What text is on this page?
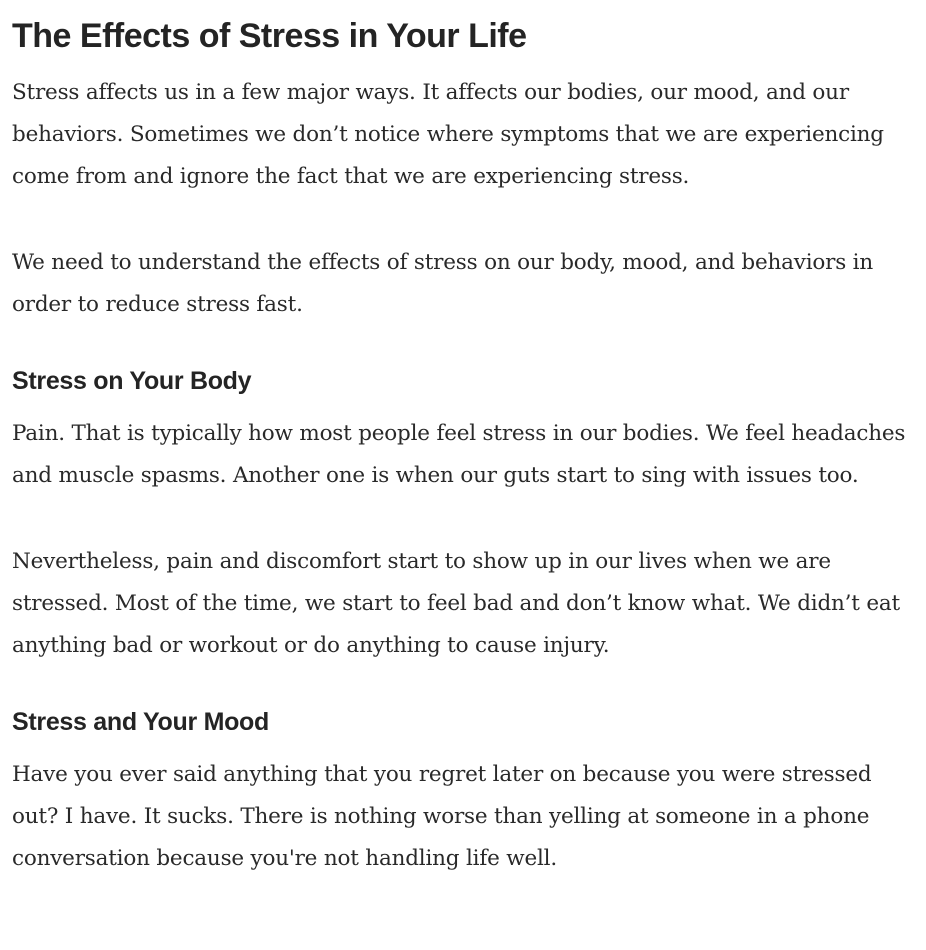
The Effects of Stress in Your Life

Stress affects us in a few major ways. It affects our bodies, our mood, and our behaviors. Sometimes we don’t notice where symptoms that we are experiencing come from and ignore the fact that we are experiencing stress.

We need to understand the effects of stress on our body, mood, and behaviors in order to reduce stress fast.

Stress on Your Body

Pain. That is typically how most people feel stress in our bodies. We feel headaches and muscle spasms. Another one is when our guts start to sing with issues too.

Nevertheless, pain and discomfort start to show up in our lives when we are stressed. Most of the time, we start to feel bad and don’t know what. We didn’t eat anything bad or workout or do anything to cause injury.

Stress and Your Mood

Have you ever said anything that you regret later on because you were stressed out? I have. It sucks. There is nothing worse than yelling at someone in a phone conversation because you're not handling life well.
